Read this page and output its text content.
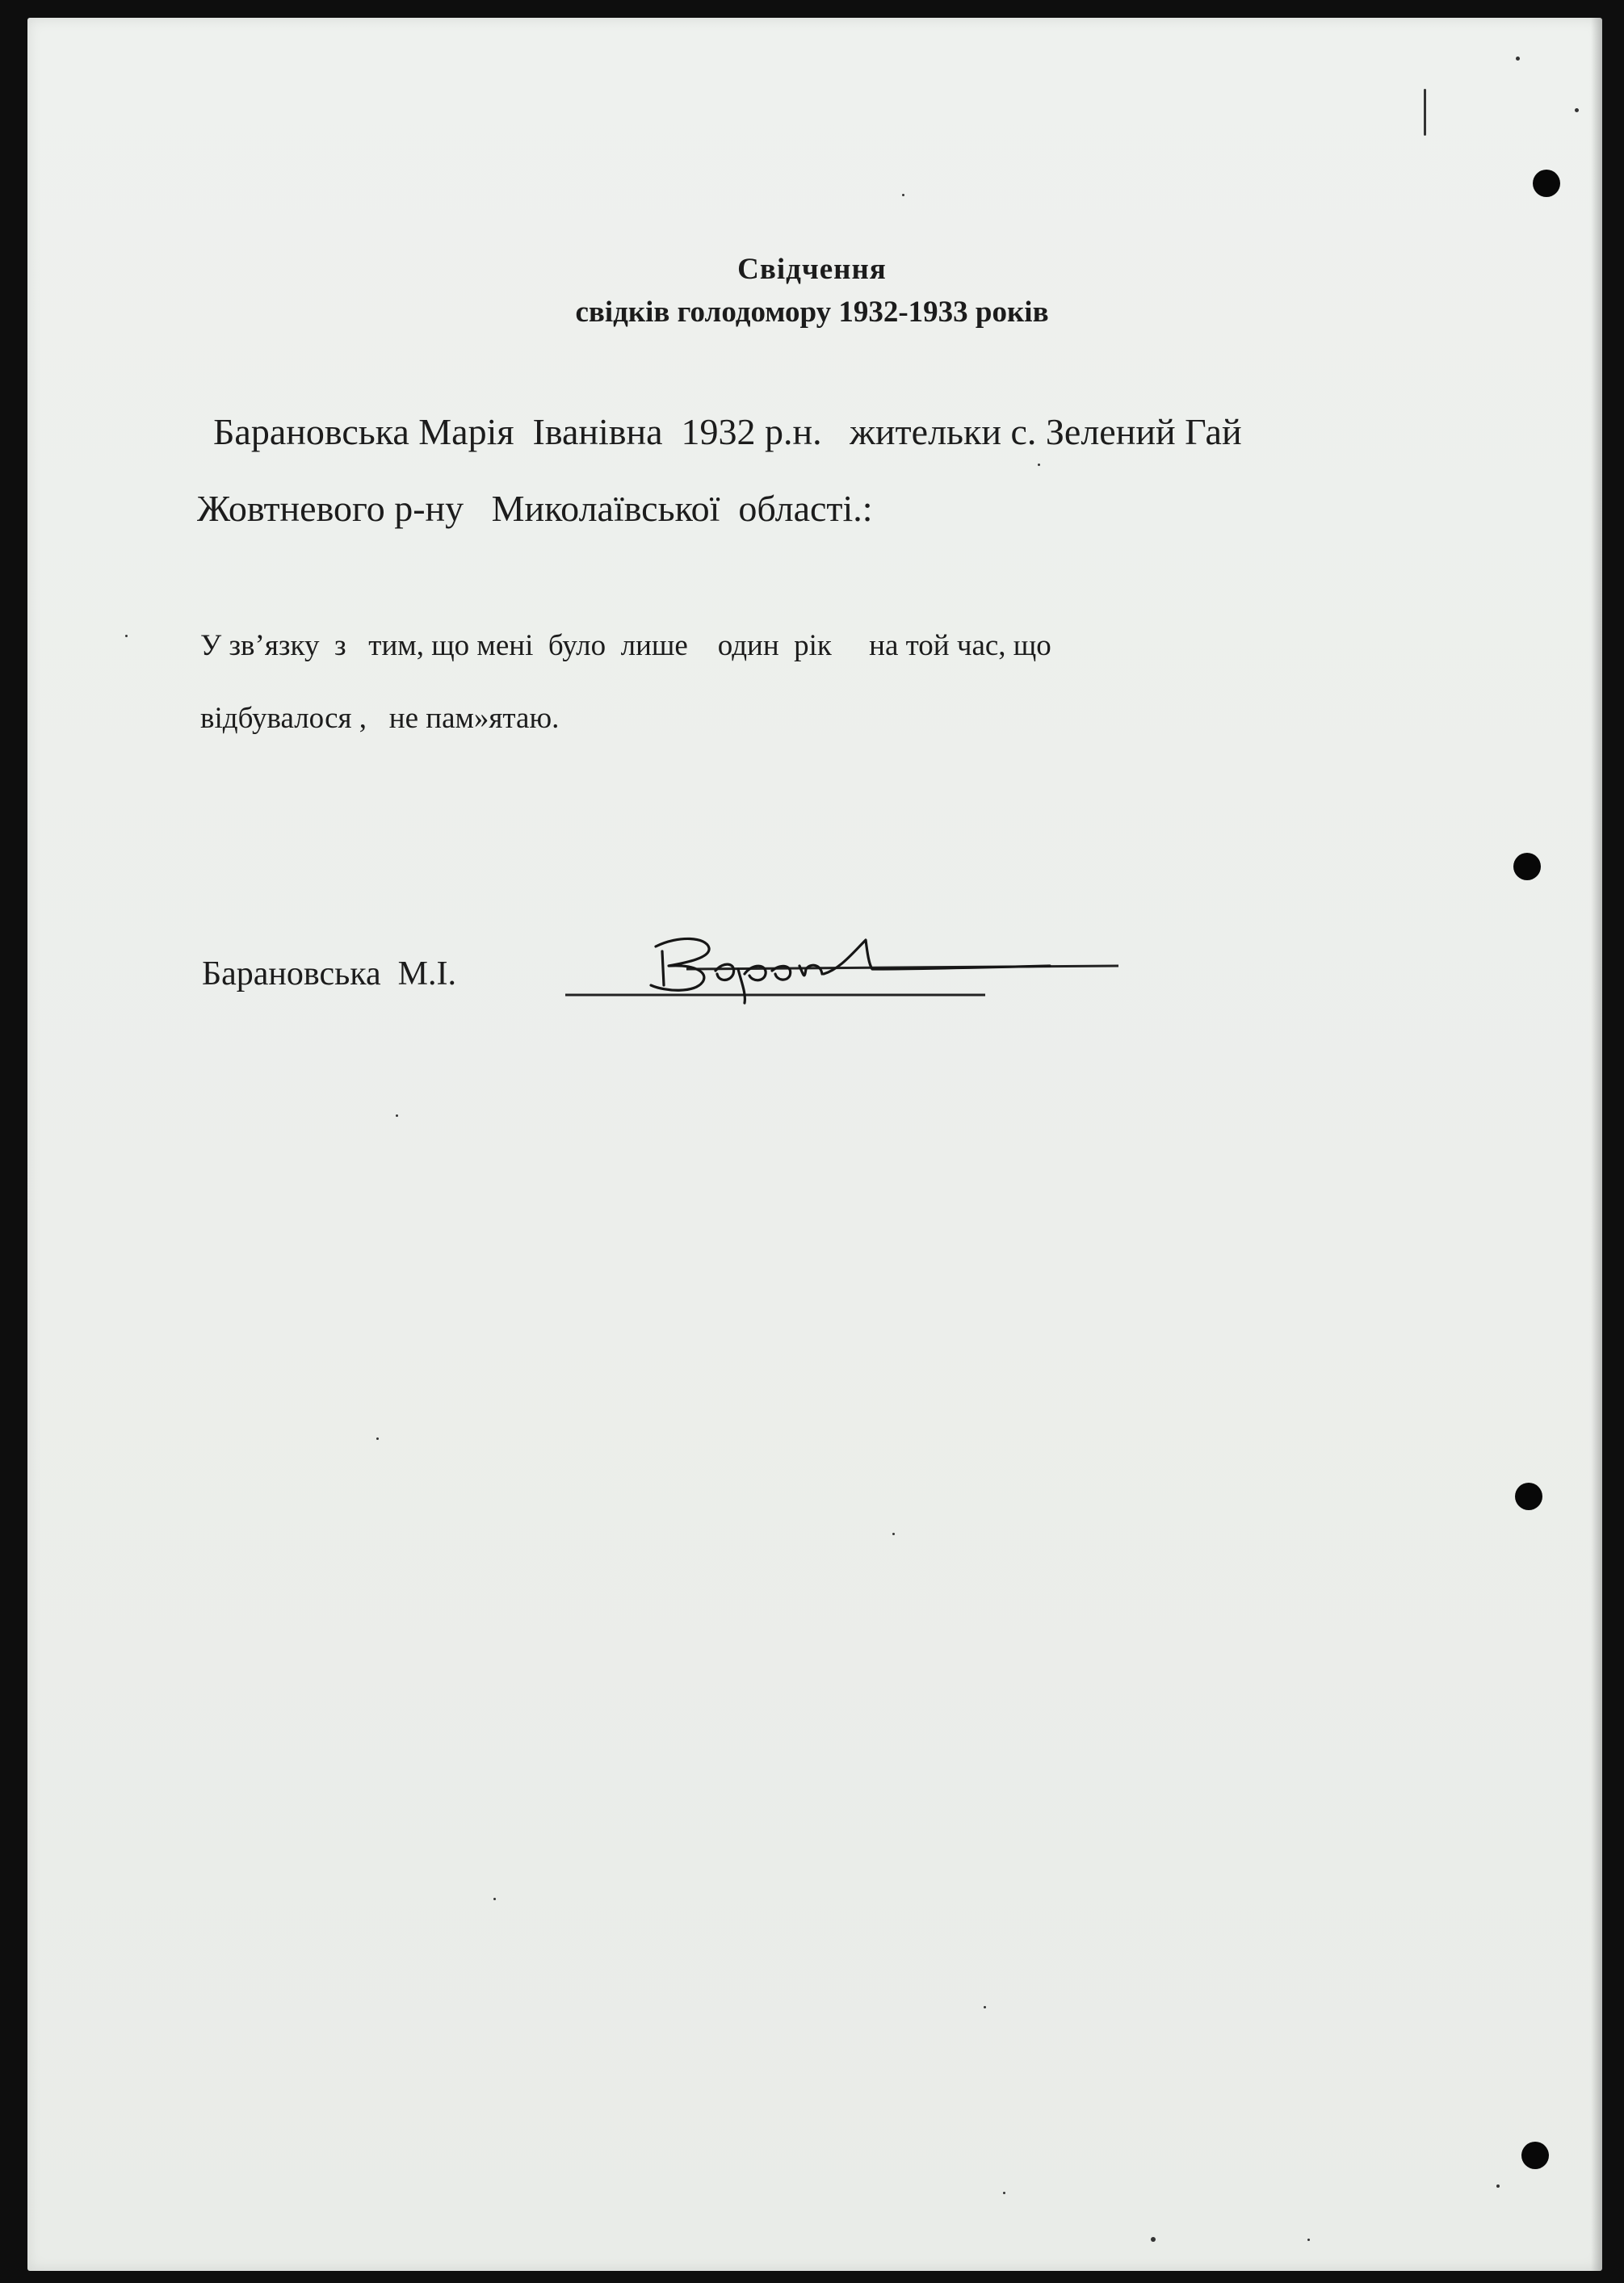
Свідчення

свідків голодомору 1932-1933 років

Барановська Марія  Іванівна  1932 р.н.   жительки с. Зелений Гай

Жовтневого р-ну   Миколаївської  області.:

У зв’язку  з   тим, що мені  було  лише    один  рік     на той час, що

відбувалося ,   не пам»ятаю.

Барановська  М.І.
